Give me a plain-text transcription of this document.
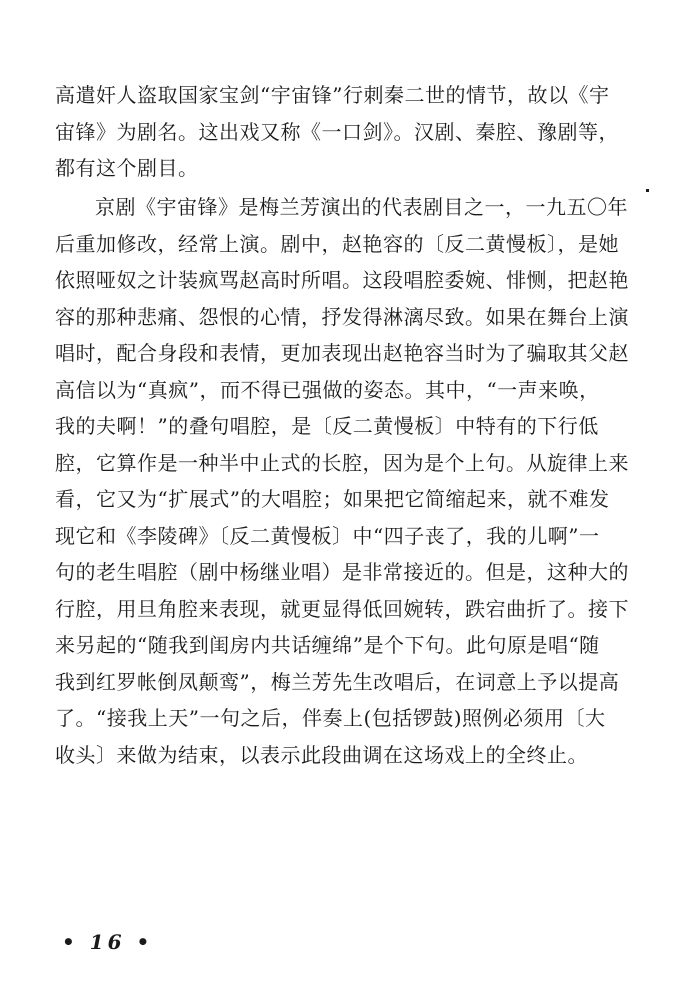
高遣奸人盗取国家宝剑“宇宙锋”行刺秦二世的情节，故以《宇
宙锋》为剧名。这出戏又称《一口剑》。汉剧、秦腔、豫剧等，
都有这个剧目。
京剧《宇宙锋》是梅兰芳演出的代表剧目之一，一九五〇年
后重加修改，经常上演。剧中，赵艳容的〔反二黄慢板〕，是她
依照哑奴之计装疯骂赵高时所唱。这段唱腔委婉、悱恻，把赵艳
容的那种悲痛、怨恨的心情，抒发得淋漓尽致。如果在舞台上演
唱时，配合身段和表情，更加表现出赵艳容当时为了骗取其父赵
高信以为“真疯”，而不得已强做的姿态。其中，“一声来唤，
我的夫啊！”的叠句唱腔，是〔反二黄慢板〕中特有的下行低
腔，它算作是一种半中止式的长腔，因为是个上句。从旋律上来
看，它又为“扩展式”的大唱腔；如果把它简缩起来，就不难发
现它和《李陵碑》〔反二黄慢板〕中“四子丧了，我的儿啊”一
句的老生唱腔（剧中杨继业唱）是非常接近的。但是，这种大的
行腔，用旦角腔来表现，就更显得低回婉转，跌宕曲折了。接下
来另起的“随我到闺房内共话缠绵”是个下句。此句原是唱“随
我到红罗帐倒凤颠鸾”，梅兰芳先生改唱后，在词意上予以提高
了。“接我上天”一句之后，伴奏上(包括锣鼓)照例必须用〔大
收头〕来做为结束，以表示此段曲调在这场戏上的全终止。
• 16 •
